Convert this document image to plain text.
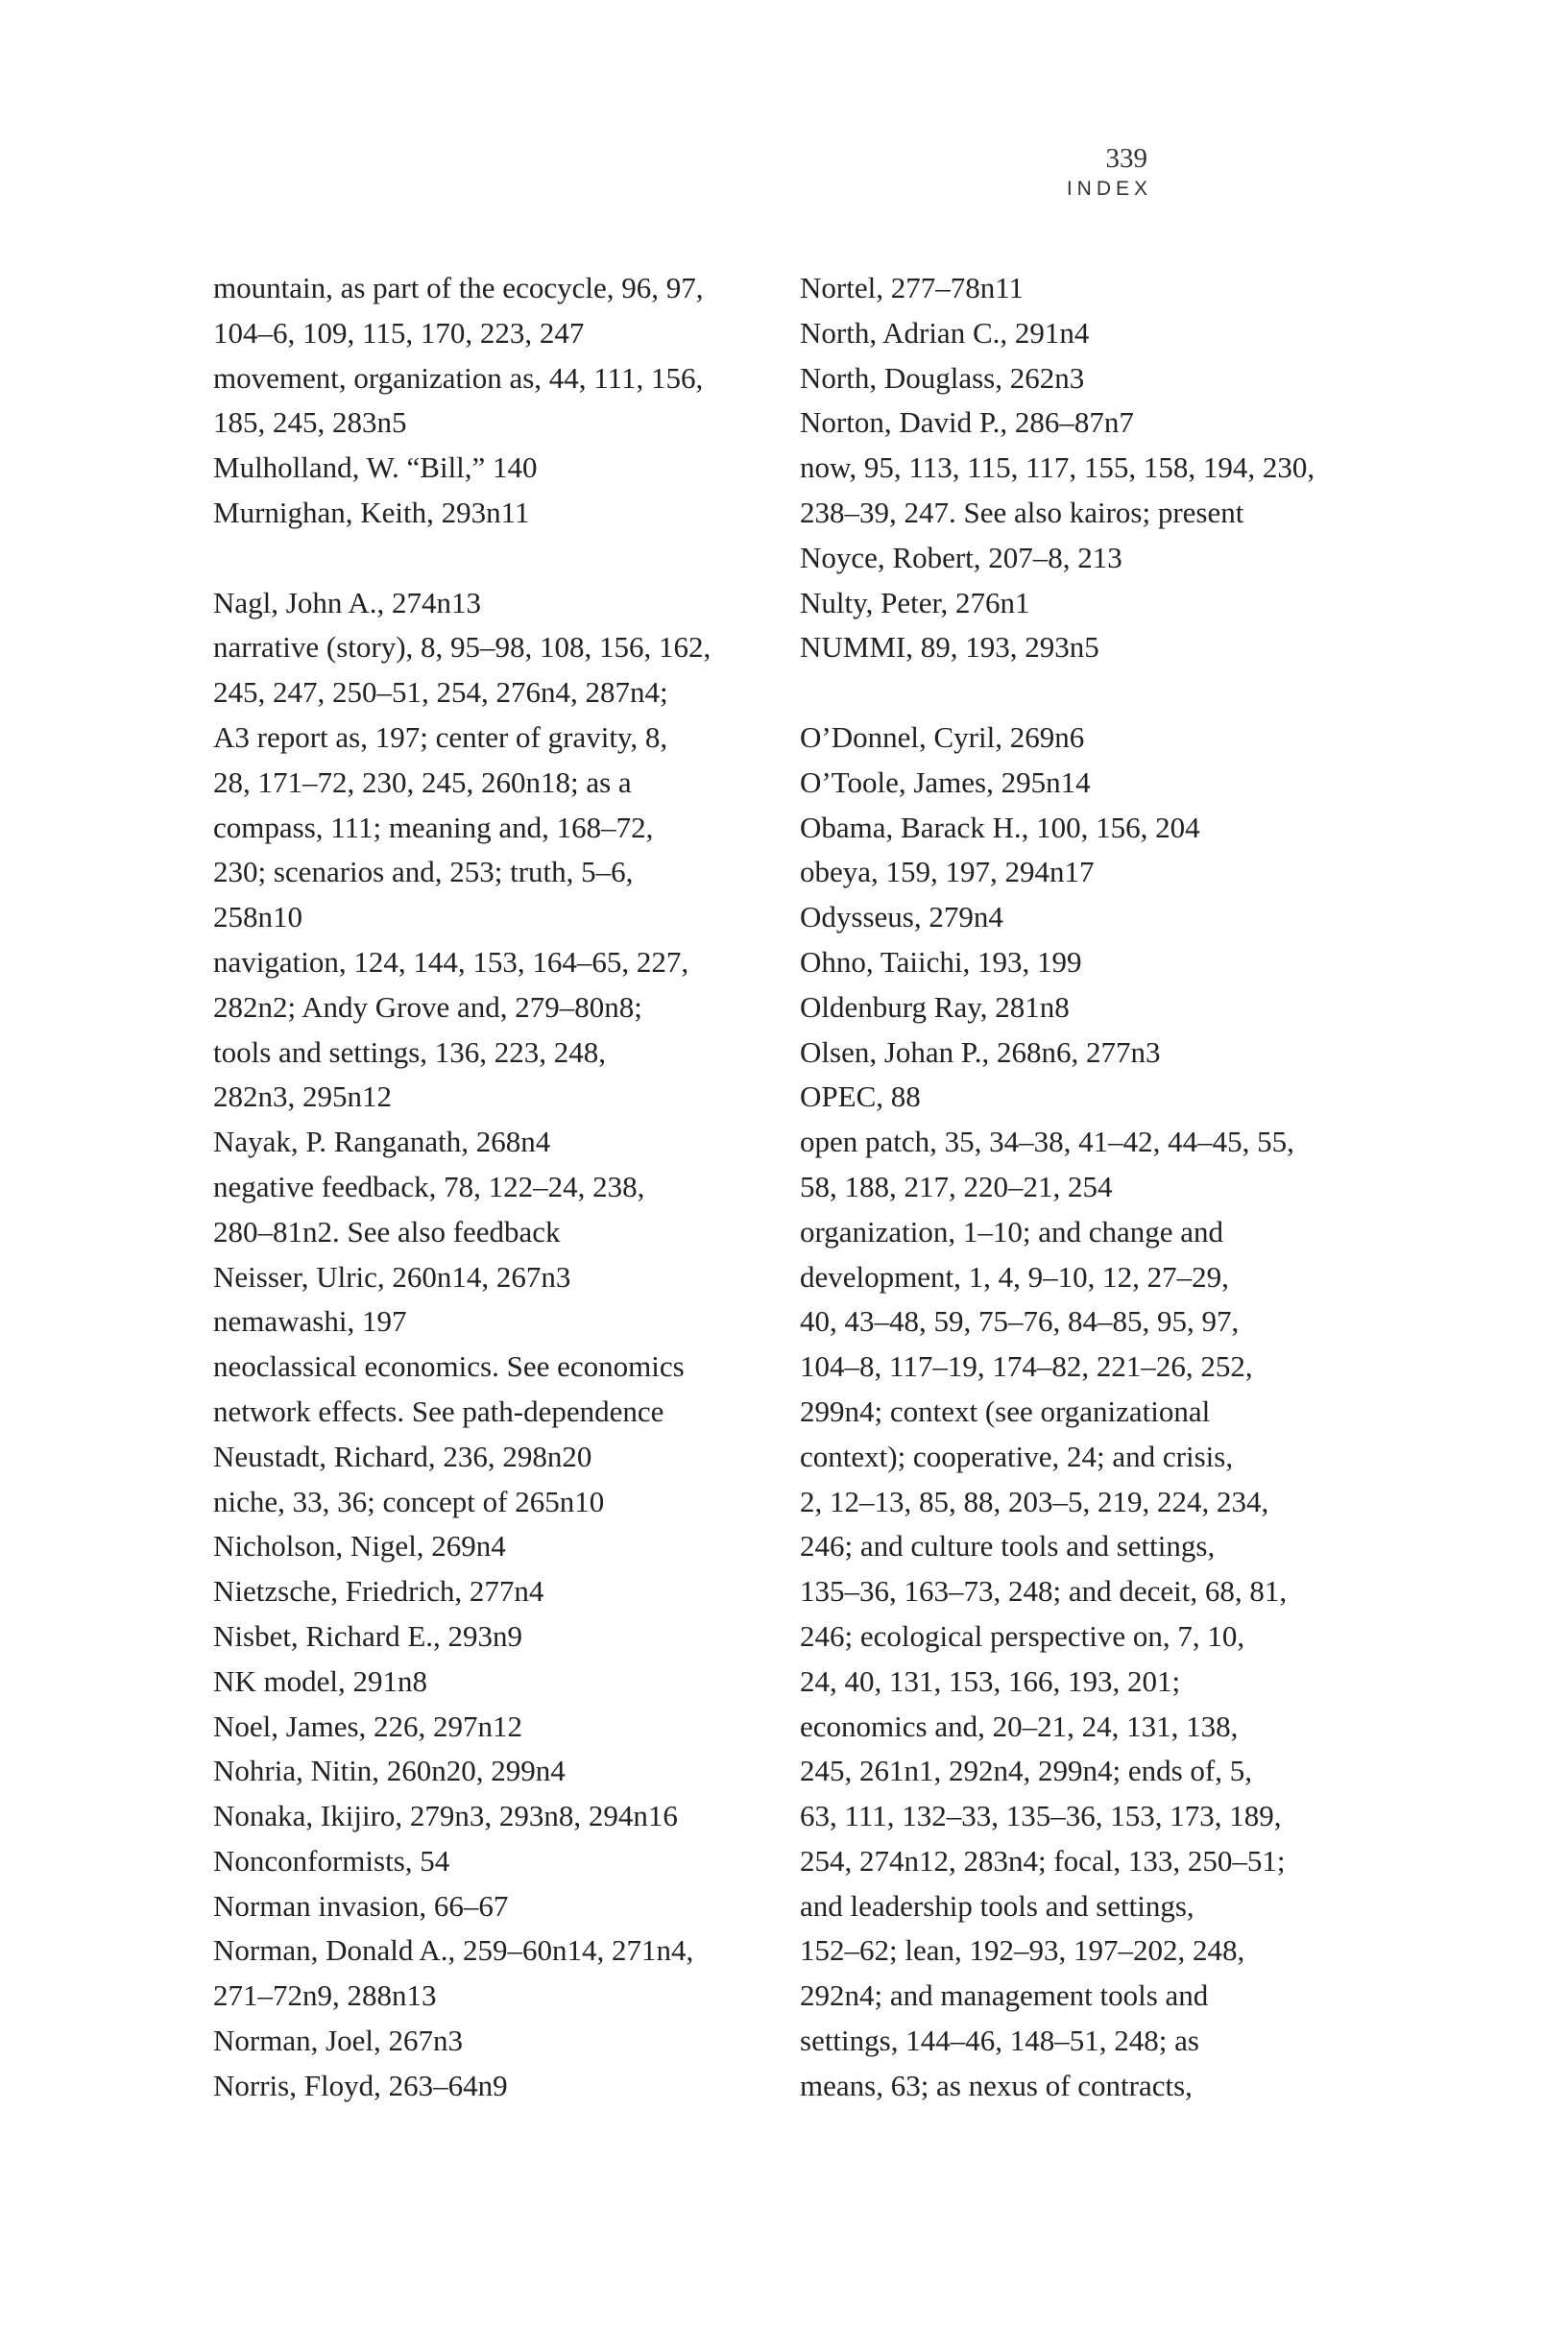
339
INDEX
mountain, as part of the ecocycle, 96, 97,
104–6, 109, 115, 170, 223, 247
movement, organization as, 44, 111, 156,
185, 245, 283n5
Mulholland, W. “Bill,” 140
Murnighan, Keith, 293n11
Nagl, John A., 274n13
narrative (story), 8, 95–98, 108, 156, 162,
245, 247, 250–51, 254, 276n4, 287n4;
A3 report as, 197; center of gravity, 8,
28, 171–72, 230, 245, 260n18; as a
compass, 111; meaning and, 168–72,
230; scenarios and, 253; truth, 5–6,
258n10
navigation, 124, 144, 153, 164–65, 227,
282n2; Andy Grove and, 279–80n8;
tools and settings, 136, 223, 248,
282n3, 295n12
Nayak, P. Ranganath, 268n4
negative feedback, 78, 122–24, 238,
280–81n2. See also feedback
Neisser, Ulric, 260n14, 267n3
nemawashi, 197
neoclassical economics. See economics
network effects. See path-dependence
Neustadt, Richard, 236, 298n20
niche, 33, 36; concept of 265n10
Nicholson, Nigel, 269n4
Nietzsche, Friedrich, 277n4
Nisbet, Richard E., 293n9
NK model, 291n8
Noel, James, 226, 297n12
Nohria, Nitin, 260n20, 299n4
Nonaka, Ikijiro, 279n3, 293n8, 294n16
Nonconformists, 54
Norman invasion, 66–67
Norman, Donald A., 259–60n14, 271n4,
271–72n9, 288n13
Norman, Joel, 267n3
Norris, Floyd, 263–64n9
Nortel, 277–78n11
North, Adrian C., 291n4
North, Douglass, 262n3
Norton, David P., 286–87n7
now, 95, 113, 115, 117, 155, 158, 194, 230,
238–39, 247. See also kairos; present
Noyce, Robert, 207–8, 213
Nulty, Peter, 276n1
NUMMI, 89, 193, 293n5
O’Donnel, Cyril, 269n6
O’Toole, James, 295n14
Obama, Barack H., 100, 156, 204
obeya, 159, 197, 294n17
Odysseus, 279n4
Ohno, Taiichi, 193, 199
Oldenburg Ray, 281n8
Olsen, Johan P., 268n6, 277n3
OPEC, 88
open patch, 35, 34–38, 41–42, 44–45, 55,
58, 188, 217, 220–21, 254
organization, 1–10; and change and
development, 1, 4, 9–10, 12, 27–29,
40, 43–48, 59, 75–76, 84–85, 95, 97,
104–8, 117–19, 174–82, 221–26, 252,
299n4; context (see organizational
context); cooperative, 24; and crisis,
2, 12–13, 85, 88, 203–5, 219, 224, 234,
246; and culture tools and settings,
135–36, 163–73, 248; and deceit, 68, 81,
246; ecological perspective on, 7, 10,
24, 40, 131, 153, 166, 193, 201;
economics and, 20–21, 24, 131, 138,
245, 261n1, 292n4, 299n4; ends of, 5,
63, 111, 132–33, 135–36, 153, 173, 189,
254, 274n12, 283n4; focal, 133, 250–51;
and leadership tools and settings,
152–62; lean, 192–93, 197–202, 248,
292n4; and management tools and
settings, 144–46, 148–51, 248; as
means, 63; as nexus of contracts,
